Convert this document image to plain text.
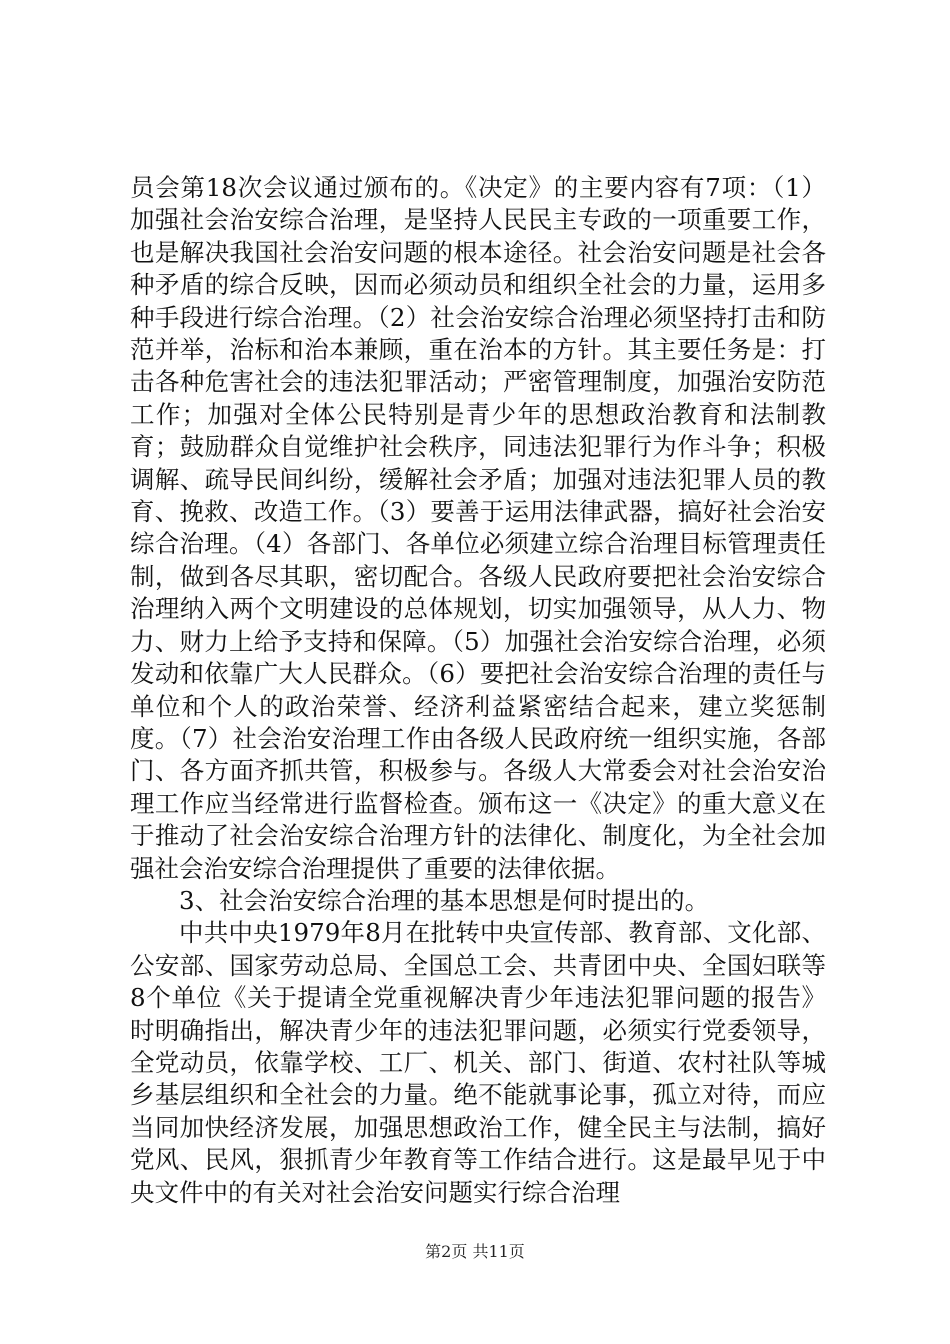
员会第18次会议通过颁布的。《决定》的主要内容有7项：（1）加强社会治安综合治理，是坚持人民民主专政的一项重要工作，也是解决我国社会治安问题的根本途径。社会治安问题是社会各种矛盾的综合反映，因而必须动员和组织全社会的力量，运用多种手段进行综合治理。（2）社会治安综合治理必须坚持打击和防范并举，治标和治本兼顾，重在治本的方针。其主要任务是：打击各种危害社会的违法犯罪活动；严密管理制度，加强治安防范工作；加强对全体公民特别是青少年的思想政治教育和法制教育；鼓励群众自觉维护社会秩序，同违法犯罪行为作斗争；积极调解、疏导民间纠纷，缓解社会矛盾；加强对违法犯罪人员的教育、挽救、改造工作。（3）要善于运用法律武器，搞好社会治安综合治理。（4）各部门、各单位必须建立综合治理目标管理责任制，做到各尽其职，密切配合。各级人民政府要把社会治安综合治理纳入两个文明建设的总体规划，切实加强领导，从人力、物力、财力上给予支持和保障。（5）加强社会治安综合治理，必须发动和依靠广大人民群众。（6）要把社会治安综合治理的责任与单位和个人的政治荣誉、经济利益紧密结合起来，建立奖惩制度。（7）社会治安治理工作由各级人民政府统一组织实施，各部门、各方面齐抓共管，积极参与。各级人大常委会对社会治安治理工作应当经常进行监督检查。颁布这一《决定》的重大意义在于推动了社会治安综合治理方针的法律化、制度化，为全社会加强社会治安综合治理提供了重要的法律依据。

3、社会治安综合治理的基本思想是何时提出的。

中共中央1979年8月在批转中央宣传部、教育部、文化部、公安部、国家劳动总局、全国总工会、共青团中央、全国妇联等8个单位《关于提请全党重视解决青少年违法犯罪问题的报告》时明确指出，解决青少年的违法犯罪问题，必须实行党委领导，全党动员，依靠学校、工厂、机关、部门、街道、农村社队等城乡基层组织和全社会的力量。绝不能就事论事，孤立对待，而应当同加快经济发展，加强思想政治工作，健全民主与法制，搞好党风、民风，狠抓青少年教育等工作结合进行。这是最早见于中央文件中的有关对社会治安问题实行综合治理

第2页 共11页
